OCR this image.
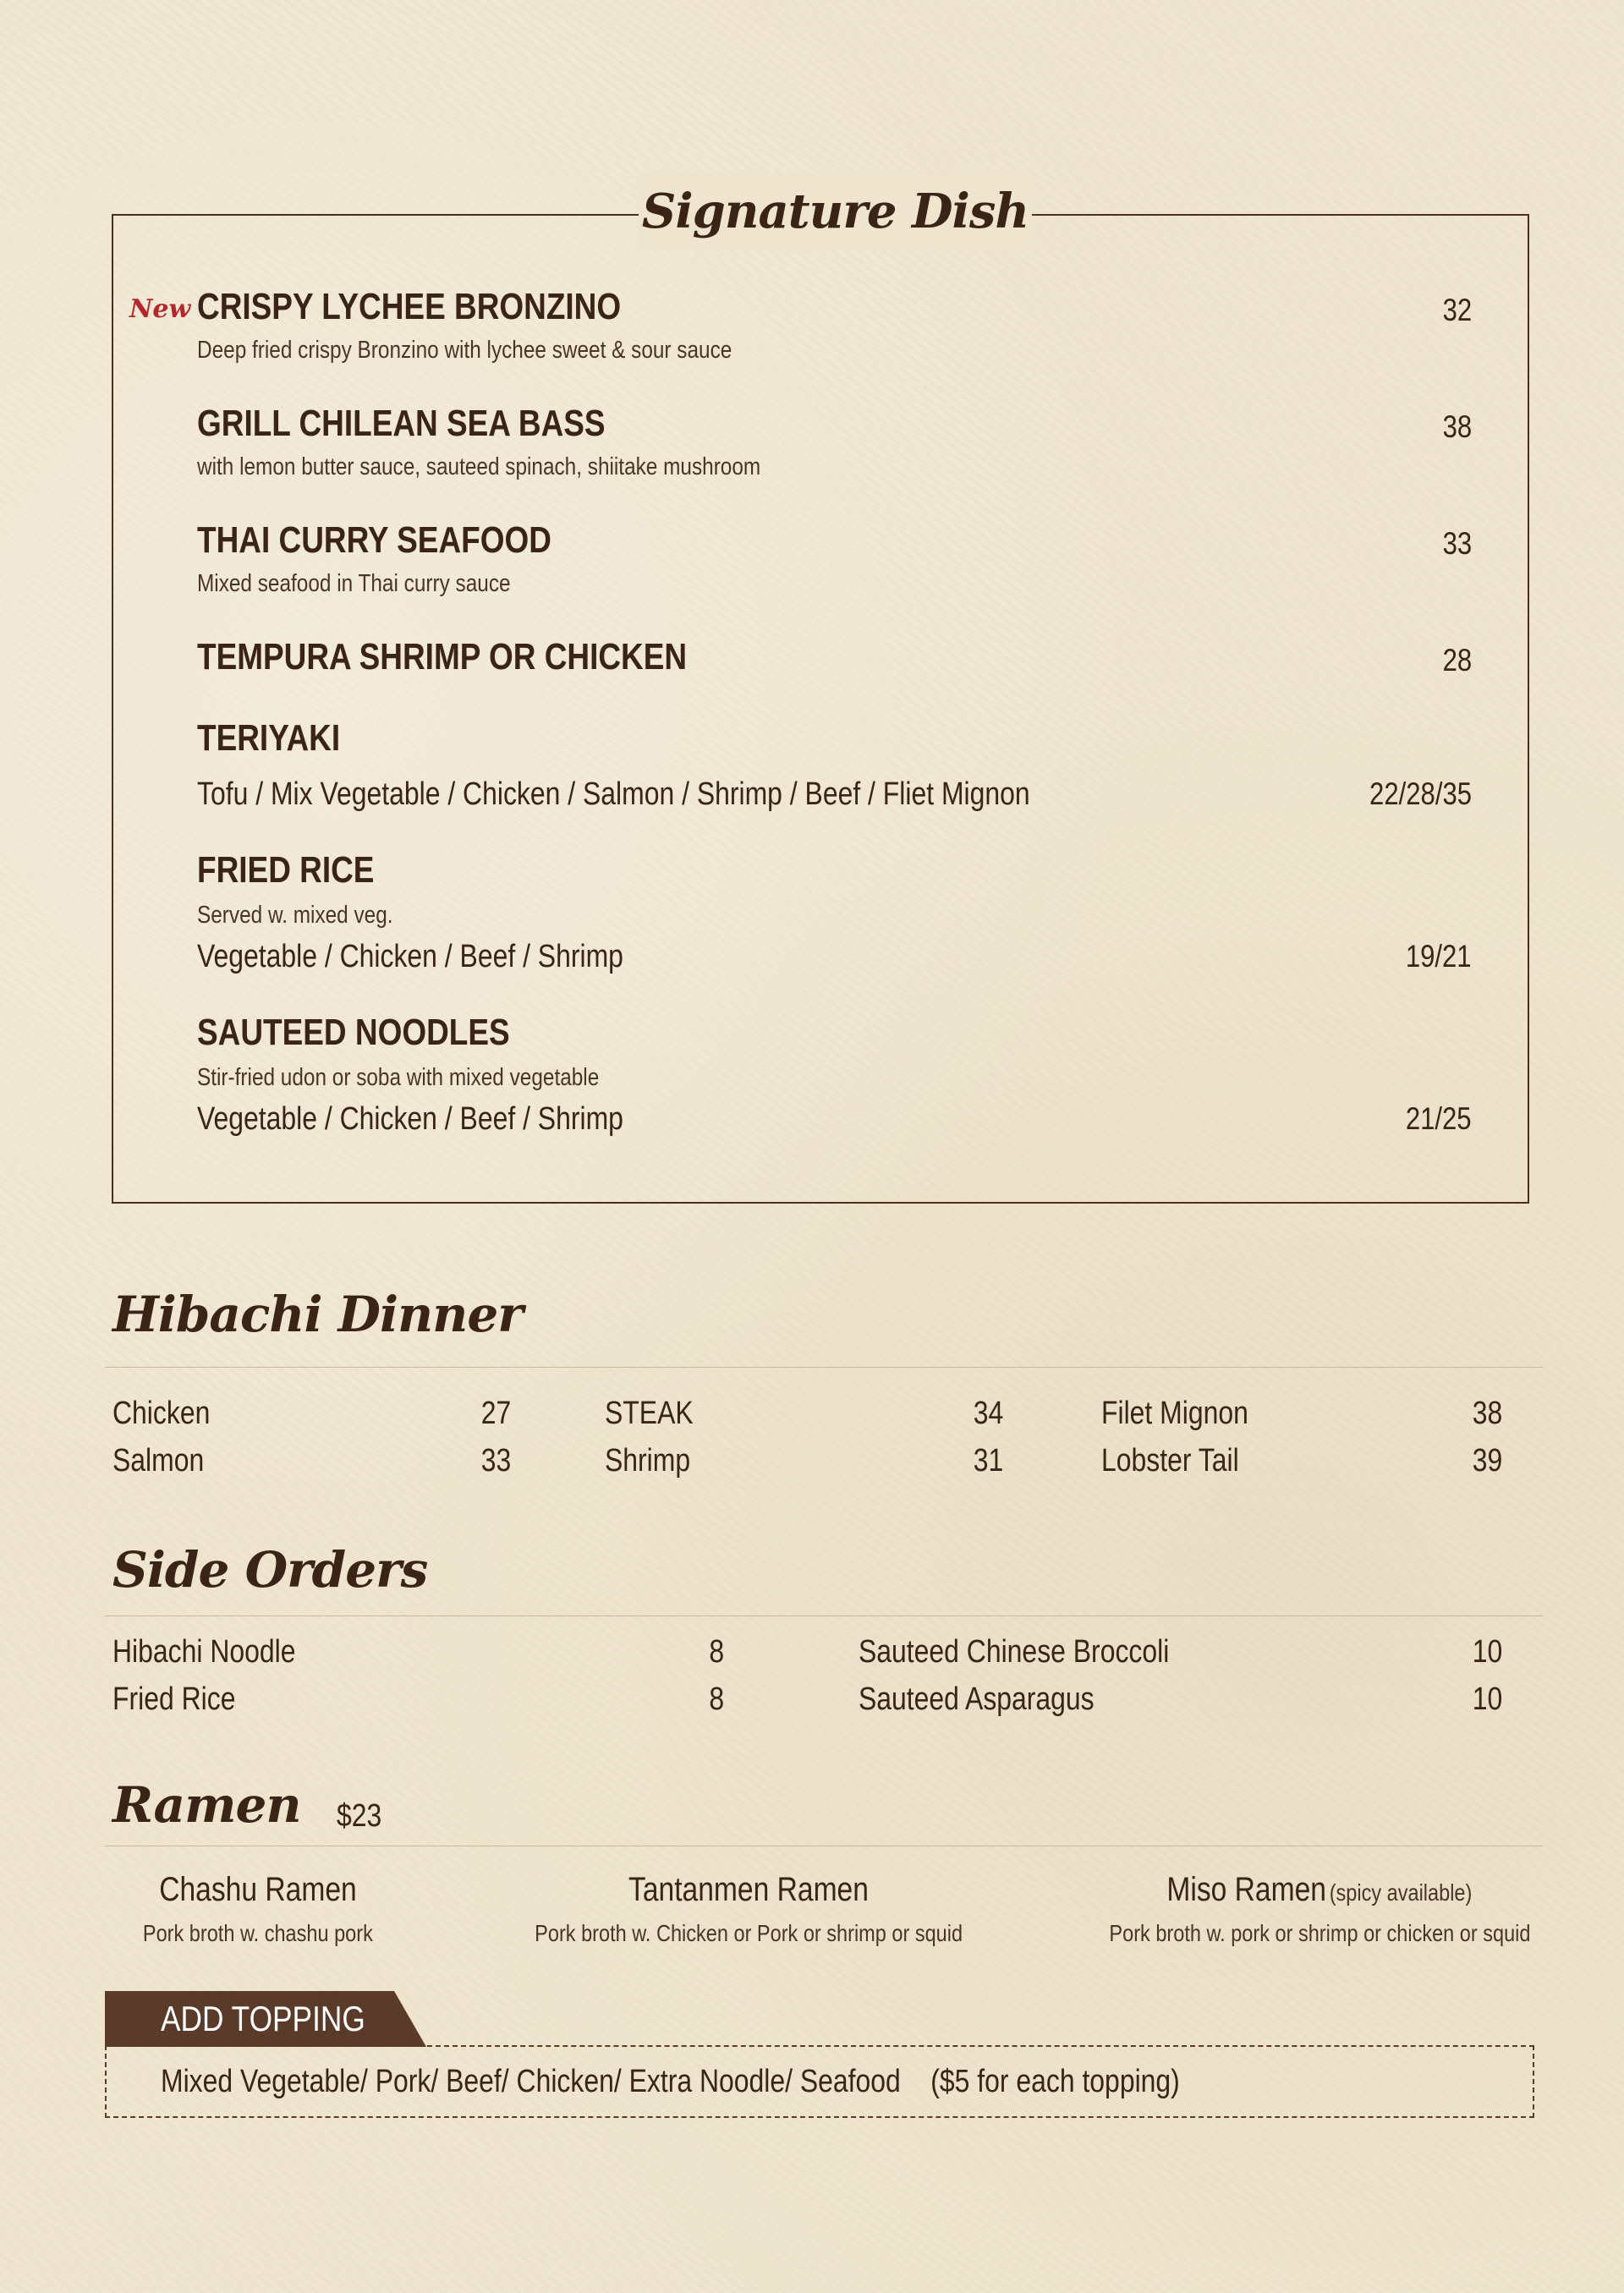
Signature Dish
New CRISPY LYCHEE BRONZINO
Deep fried crispy Bronzino with lychee sweet & sour sauce
32
GRILL CHILEAN SEA BASS
with lemon butter sauce, sauteed spinach, shiitake mushroom
38
THAI CURRY SEAFOOD
Mixed seafood in Thai curry sauce
33
TEMPURA SHRIMP OR CHICKEN	28
TERIYAKI
Tofu / Mix Vegetable / Chicken / Salmon / Shrimp / Beef / Fliet Mignon	22/28/35
FRIED RICE
Served w. mixed veg.
Vegetable / Chicken / Beef / Shrimp	19/21
SAUTEED NOODLES
Stir-fried udon or soba with mixed vegetable
Vegetable / Chicken / Beef / Shrimp	21/25
Hibachi Dinner
Chicken	27
Salmon	33
STEAK	34
Shrimp	31
Filet Mignon	38
Lobster Tail	39
Side Orders
Hibachi Noodle	8
Fried Rice	8
Sauteed Chinese Broccoli	10
Sauteed Asparagus	10
Ramen $23
Chashu Ramen
Pork broth w. chashu pork
Tantanmen Ramen
Pork broth w. Chicken or Pork or shrimp or squid
Miso Ramen (spicy available)
Pork broth w. pork or shrimp or chicken or squid
ADD TOPPING
Mixed Vegetable/ Pork/ Beef/ Chicken/ Extra Noodle/ Seafood    ($5 for each topping)
